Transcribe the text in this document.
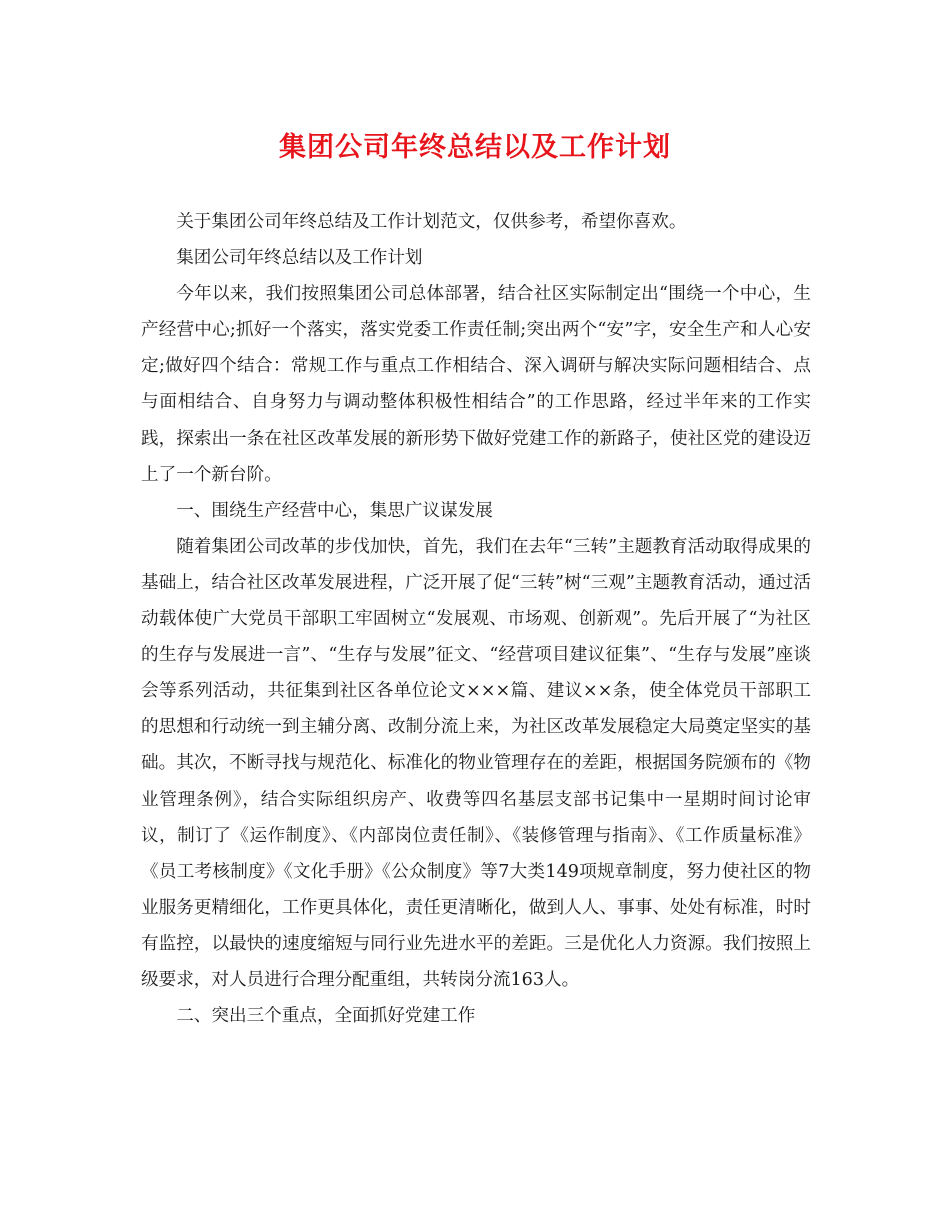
集团公司年终总结以及工作计划

关于集团公司年终总结及工作计划范文，仅供参考，希望你喜欢。

集团公司年终总结以及工作计划

今年以来，我们按照集团公司总体部署，结合社区实际制定出“围绕一个中心，生产经营中心;抓好一个落实，落实党委工作责任制;突出两个“安”字，安全生产和人心安定;做好四个结合：常规工作与重点工作相结合、深入调研与解决实际问题相结合、点与面相结合、自身努力与调动整体积极性相结合”的工作思路，经过半年来的工作实践，探索出一条在社区改革发展的新形势下做好党建工作的新路子，使社区党的建设迈上了一个新台阶。

一、围绕生产经营中心，集思广议谋发展

随着集团公司改革的步伐加快，首先，我们在去年“三转”主题教育活动取得成果的基础上，结合社区改革发展进程，广泛开展了促“三转”树“三观”主题教育活动，通过活动载体使广大党员干部职工牢固树立“发展观、市场观、创新观”。先后开展了“为社区的生存与发展进一言”、“生存与发展”征文、“经营项目建议征集”、“生存与发展”座谈会等系列活动，共征集到社区各单位论文×××篇、建议××条，使全体党员干部职工的思想和行动统一到主辅分离、改制分流上来，为社区改革发展稳定大局奠定坚实的基础。其次，不断寻找与规范化、标准化的物业管理存在的差距，根据国务院颁布的《物业管理条例》，结合实际组织房产、收费等四名基层支部书记集中一星期时间讨论审议，制订了《运作制度》、《内部岗位责任制》、《装修管理与指南》、《工作质量标准》《员工考核制度》《文化手册》《公众制度》等7大类149项规章制度，努力使社区的物业服务更精细化，工作更具体化，责任更清晰化，做到人人、事事、处处有标准，时时有监控，以最快的速度缩短与同行业先进水平的差距。三是优化人力资源。我们按照上级要求，对人员进行合理分配重组，共转岗分流163人。

二、突出三个重点，全面抓好党建工作
